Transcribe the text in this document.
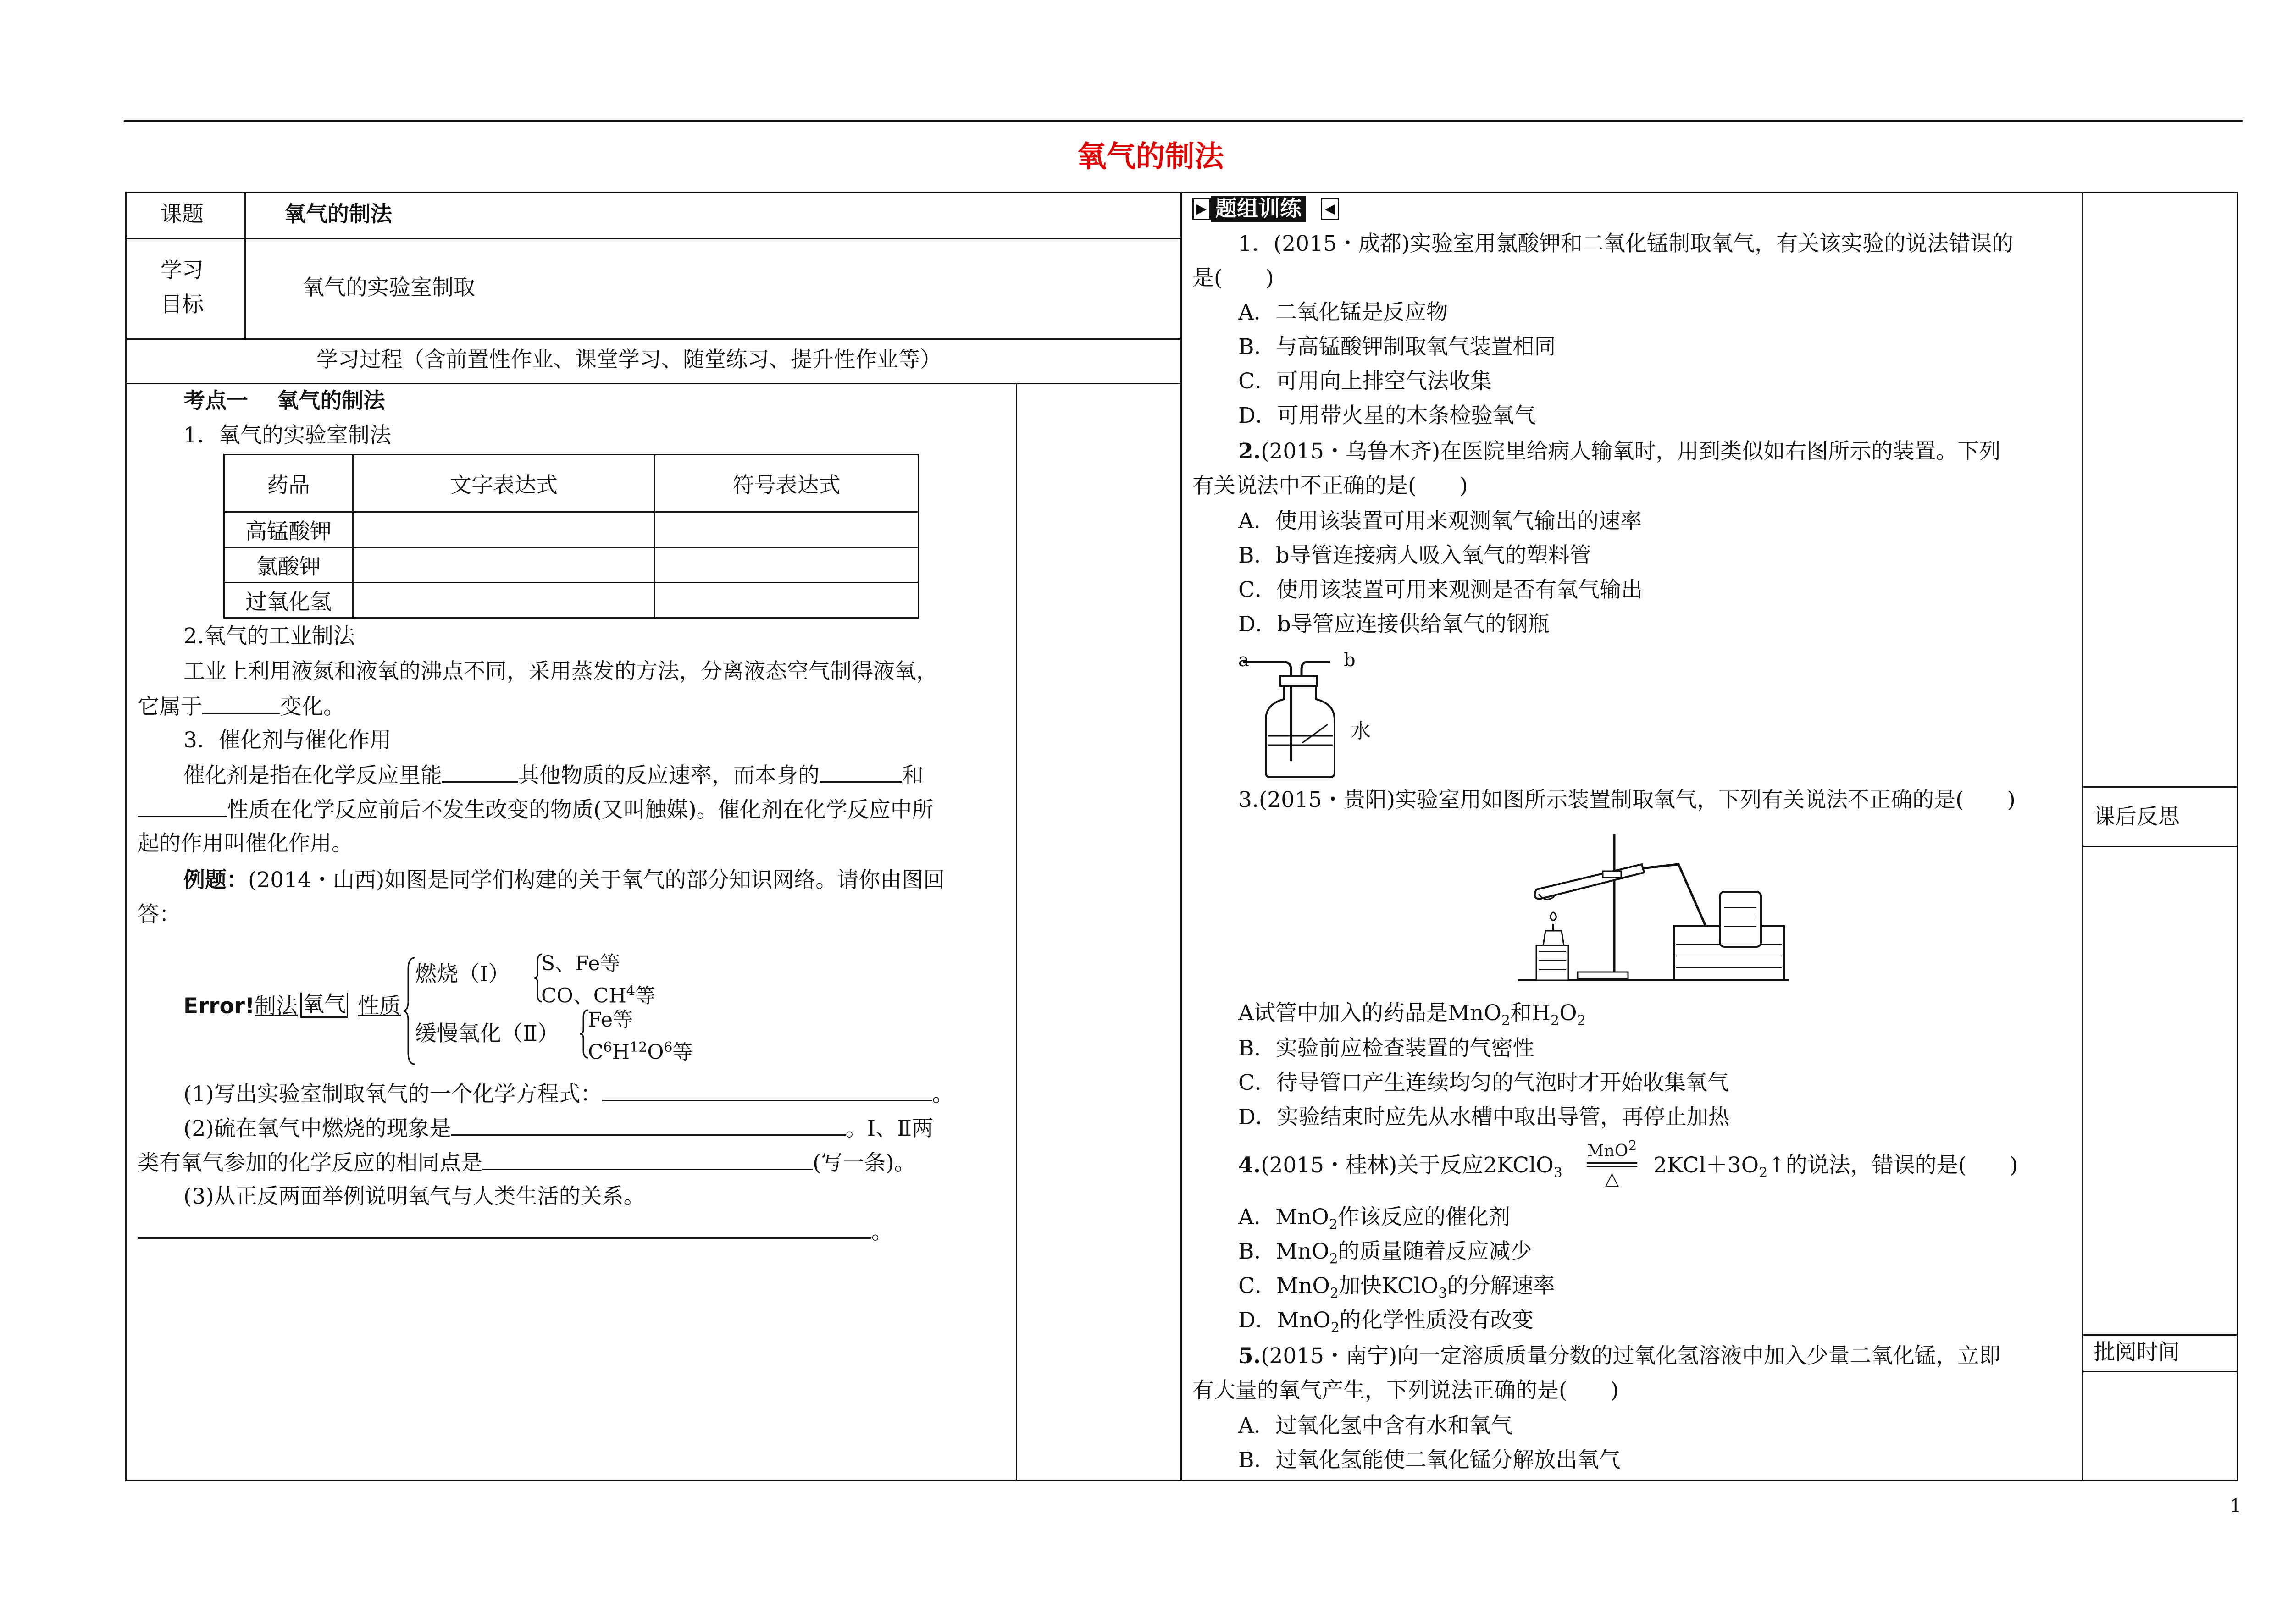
氧气的制法
课题	氧气的制法
学习
目标
氧气的实验室制取
学习过程（含前置性作业、课堂学习、随堂练习、提升性作业等）
考点一　 氧气的制法
1．氧气的实验室制法
药品	文字表达式	符号表达式
高锰酸钾		
氯酸钾		
过氧化氢		
2.氧气的工业制法
工业上利用液氮和液氧的沸点不同，采用蒸发的方法，分离液态空气制得液氧，
它属于	变化。
3．催化剂与催化作用
催化剂是指在化学反应里能	其他物质的反应速率，而本身的	和
性质在化学反应前后不发生改变的物质(又叫触媒)。催化剂在化学反应中所
起的作用叫催化作用。
例题：(2014・山西)如图是同学们构建的关于氧气的部分知识网络。请你由图回
答：
Error! 制法 氧气 性质
燃烧（Ⅰ） S、Fe等
CO、$CH^4$等
缓慢氧化（Ⅱ）
Fe等
$C^6H^{12}O^6$等
(1)写出实验室制取氧气的一个化学方程式：	。
(2)硫在氧气中燃烧的现象是	。Ⅰ、Ⅱ两
类有氧气参加的化学反应的相同点是	(写一条)。
(3)从正反两面举例说明氧气与人类生活的关系。
。
▶ 题组训练	◀
1．(2015・成都)实验室用氯酸钾和二氧化锰制取氧气，有关该实验的说法错误的
是(　　)
A．二氧化锰是反应物
B．与高锰酸钾制取氧气装置相同
C．可用向上排空气法收集
D．可用带火星的木条检验氧气
2.(2015・乌鲁木齐)在医院里给病人输氧时，用到类似如右图所示的装置。下列
有关说法中不正确的是(　　)
A．使用该装置可用来观测氧气输出的速率
B．b导管连接病人吸入氧气的塑料管
C．使用该装置可用来观测是否有氧气输出
D．b导管应连接供给氧气的钢瓶
a	b
水
3.(2015・贵阳)实验室用如图所示装置制取氧气，下列有关说法不正确的是(　　)
A试管中加入的药品是MnO$_2$和$H_2O_2$
B．实验前应检查装置的气密性
C．待导管口产生连续均匀的气泡时才开始收集氧气
D．实验结束时应先从水槽中取出导管，再停止加热
4.(2015・桂林)关于反应2KClO$_3$
MnO$^2$
△
$2KCl+3O_2↑$的说法，错误的是(　　)
A．MnO$_2$作该反应的催化剂
B．MnO$_2$的质量随着反应减少
C．MnO$_2$加快KClO$_3$的分解速率
D．MnO$_2$的化学性质没有改变
5.(2015・南宁)向一定溶质质量分数的过氧化氢溶液中加入少量二氧化锰，立即
有大量的氧气产生，下列说法正确的是(　　)
A．过氧化氢中含有水和氧气
B．过氧化氢能使二氧化锰分解放出氧气
课后反思
批阅时间
1
